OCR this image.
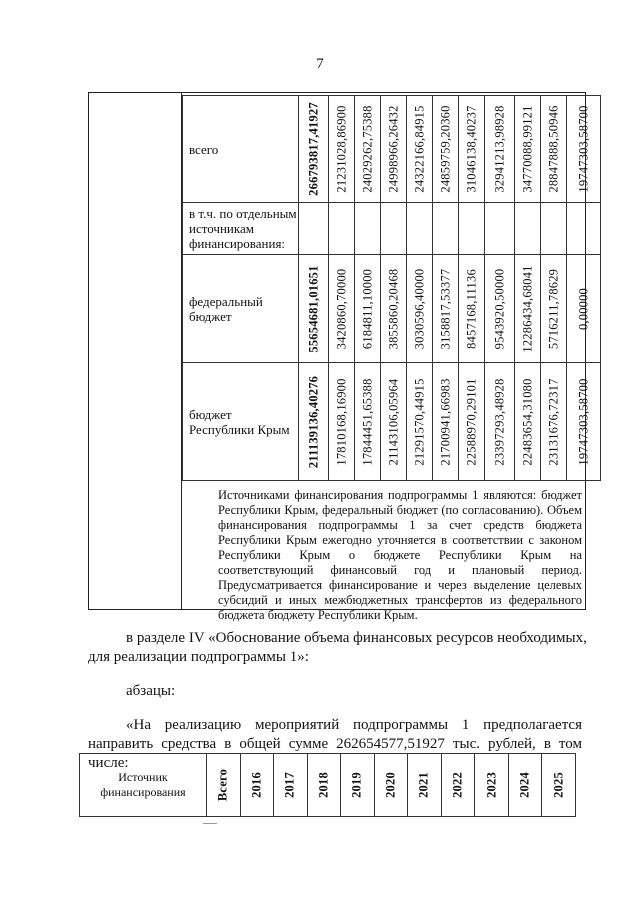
7
всего	266793817,41927	21231028,86900	24029262,75388	24998966,26432	24322166,84915	24859759,20360	31046138,40237	32941213,98928	34770088,99121	28847888,50946	19747303,58700

в т.ч. по отдельным источникам финансирования:	

федеральный бюджет	55654681,01651	3420860,70000	6184811,10000	3855860,20468	3030596,40000	3158817,53377	8457168,11136	9543920,50000	12286434,68041	5716211,78629	0,00000

бюджет Республики Крым	211139136,40276	17810168,16900	17844451,65388	21143106,05964	21291570,44915	21700941,66983	22588970,29101	23397293,48928	22483654,31080	23131676,72317	19747303,58700
Источниками финансирования подпрограммы 1 являются: бюджет Республики Крым, федеральный бюджет (по согласованию). Объем финансирования подпрограммы 1 за счет средств бюджета Республики Крым ежегодно уточняется в соответствии с законом Республики Крым о бюджете Республики Крым на соответствующий финансовый год и плановый период. Предусматривается финансирование и через выделение целевых субсидий и иных межбюджетных трансфертов из федерального бюджета бюджету Республики Крым.
в разделе IV «Обоснование объема финансовых ресурсов необходимых, для реализации подпрограммы 1»:
абзацы:
«На реализацию мероприятий подпрограммы 1 предполагается направить средства в общей сумме 262654577,51927 тыс. рублей, в том числе:
Источник финансирования	Всего	2016	2017	2018	2019	2020	2021	2022	2023	2024	2025
